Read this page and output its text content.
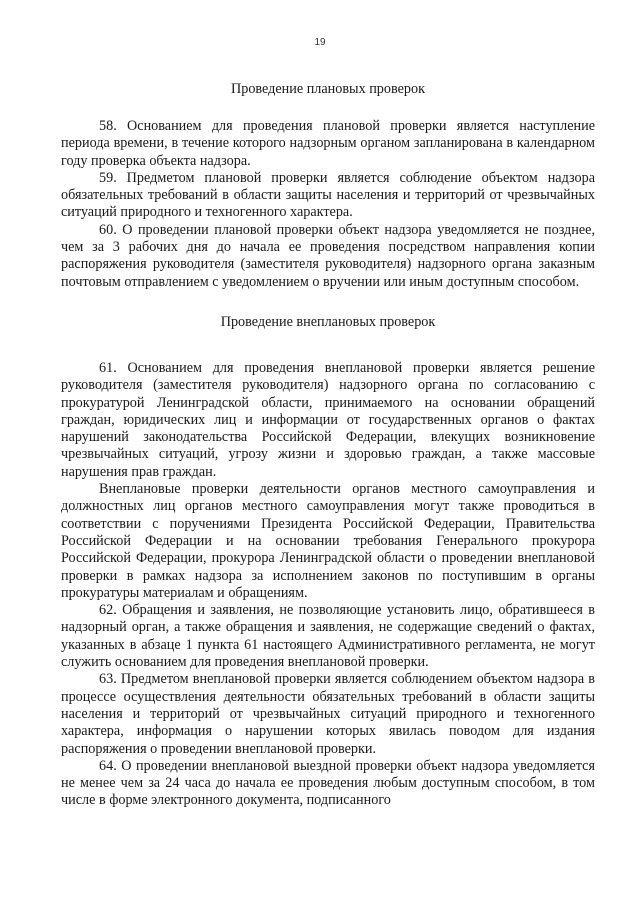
19
Проведение плановых проверок

58. Основанием для проведения плановой проверки является наступление периода времени, в течение которого надзорным органом запланирована в календарном году проверка объекта надзора.

59. Предметом плановой проверки является соблюдение объектом надзора обязательных требований в области защиты населения и территорий от чрезвычайных ситуаций природного и техногенного характера.

60. О проведении плановой проверки объект надзора уведомляется не позднее, чем за 3 рабочих дня до начала ее проведения посредством направления копии распоряжения руководителя (заместителя руководителя) надзорного органа заказным почтовым отправлением с уведомлением о вручении или иным доступным способом.

Проведение внеплановых проверок

61. Основанием для проведения внеплановой проверки является решение руководителя (заместителя руководителя) надзорного органа по согласованию с прокуратурой Ленинградской области, принимаемого на основании обращений граждан, юридических лиц и информации от государственных органов о фактах нарушений законодательства Российской Федерации, влекущих возникновение чрезвычайных ситуаций, угрозу жизни и здоровью граждан, а также массовые нарушения прав граждан.

Внеплановые проверки деятельности органов местного самоуправления и должностных лиц органов местного самоуправления могут также проводиться в соответствии с поручениями Президента Российской Федерации, Правительства Российской Федерации и на основании требования Генерального прокурора Российской Федерации, прокурора Ленинградской области о проведении внеплановой проверки в рамках надзора за исполнением законов по поступившим в органы прокуратуры материалам и обращениям.

62. Обращения и заявления, не позволяющие установить лицо, обратившееся в надзорный орган, а также обращения и заявления, не содержащие сведений о фактах, указанных в абзаце 1 пункта 61 настоящего Административного регламента, не могут служить основанием для проведения внеплановой проверки.

63. Предметом внеплановой проверки является соблюдением объектом надзора в процессе осуществления деятельности обязательных требований в области защиты населения и территорий от чрезвычайных ситуаций природного и техногенного характера, информация о нарушении которых явилась поводом для издания распоряжения о проведении внеплановой проверки.

64. О проведении внеплановой выездной проверки объект надзора уведомляется не менее чем за 24 часа до начала ее проведения любым доступным способом, в том числе в форме электронного документа, подписанного
